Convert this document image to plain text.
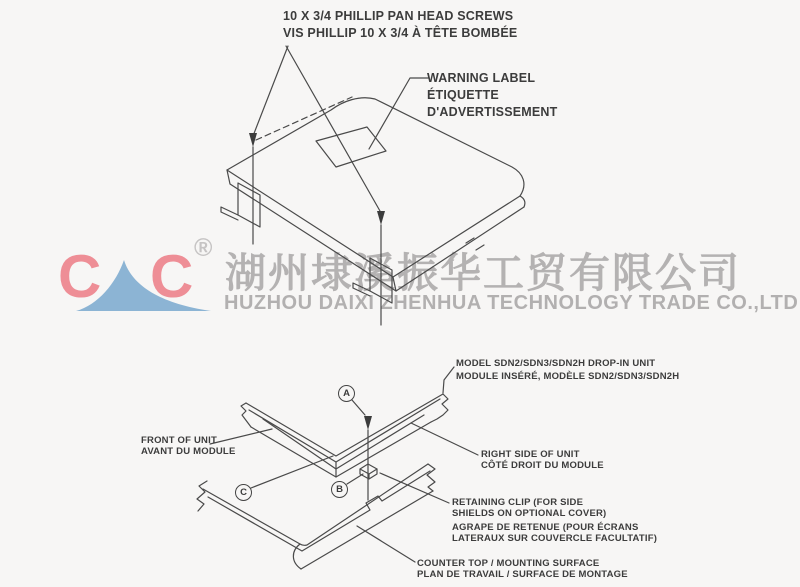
C C ®
湖州埭溪振华工贸有限公司
HUZHOU DAIXI ZHENHUA TECHNOLOGY TRADE CO.,LTD
10 X 3/4 PHILLIP PAN HEAD SCREWS
VIS PHILLIP 10 X 3/4 À TÊTE BOMBÉE
WARNING LABEL
ÉTIQUETTE
D'ADVERTISSEMENT
MODEL SDN2/SDN3/SDN2H DROP-IN UNIT
MODULE INSÉRÉ, MODÈLE SDN2/SDN3/SDN2H
FRONT OF UNIT
AVANT DU MODULE	RIGHT SIDE OF UNIT
CÔTÉ DROIT DU MODULE
RETAINING CLIP (FOR SIDE
SHIELDS ON OPTIONAL COVER)
AGRAPE DE RETENUE (POUR ÉCRANS
LATERAUX SUR COUVERCLE FACULTATIF)
COUNTER TOP / MOUNTING SURFACE
PLAN DE TRAVAIL / SURFACE DE MONTAGE
A
B
C
